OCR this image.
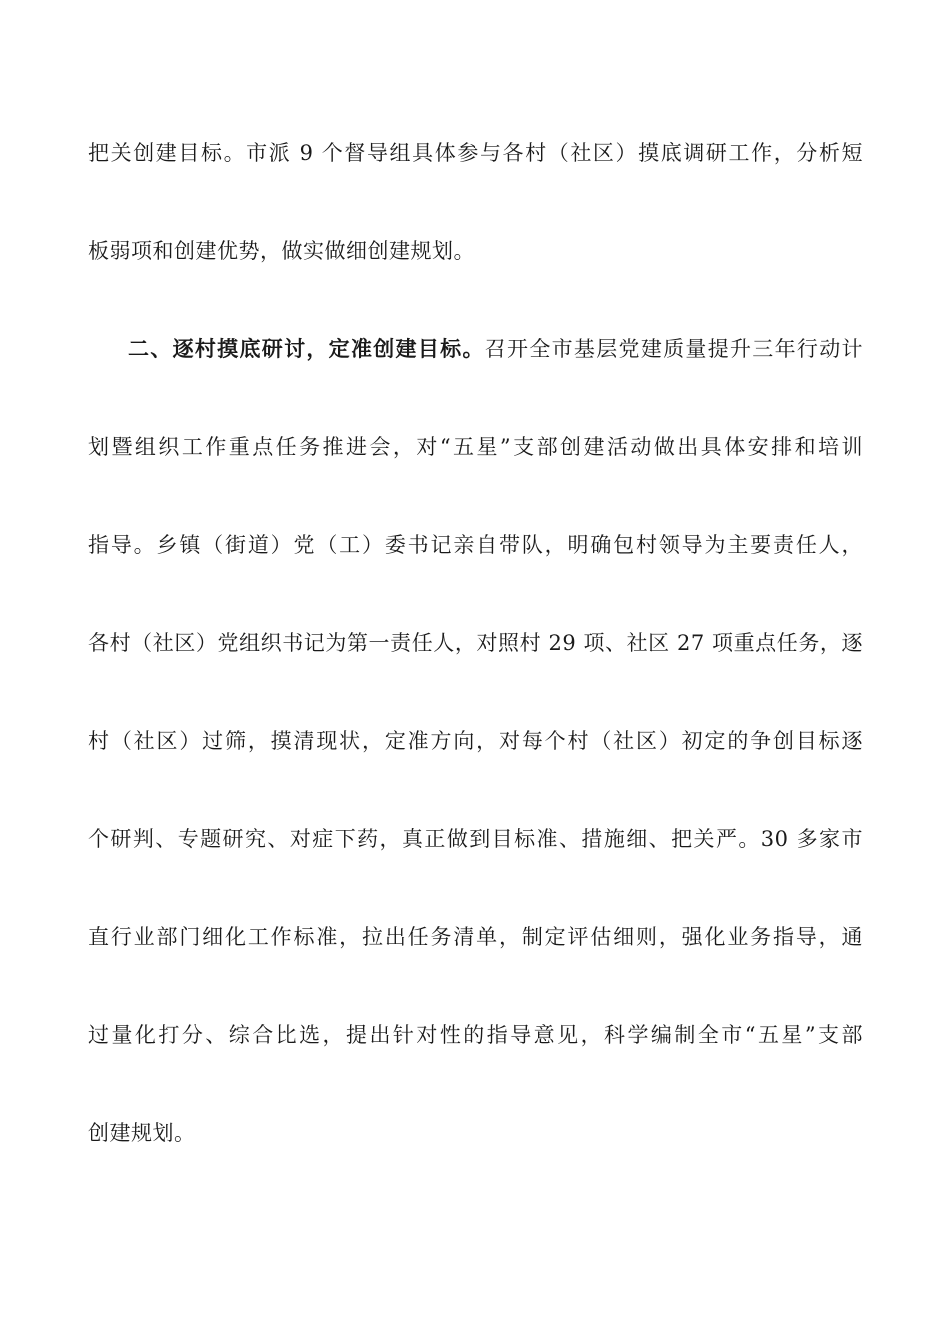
把关创建目标。市派 9 个督导组具体参与各村（社区）摸底调研工作，分析短
板弱项和创建优势，做实做细创建规划。
二、逐村摸底研讨，定准创建目标。召开全市基层党建质量提升三年行动计
划暨组织工作重点任务推进会，对“五星”支部创建活动做出具体安排和培训
指导。乡镇（街道）党（工）委书记亲自带队，明确包村领导为主要责任人，
各村（社区）党组织书记为第一责任人，对照村 29 项、社区 27 项重点任务，逐
村（社区）过筛，摸清现状，定准方向，对每个村（社区）初定的争创目标逐
个研判、专题研究、对症下药，真正做到目标准、措施细、把关严。30 多家市
直行业部门细化工作标准，拉出任务清单，制定评估细则，强化业务指导，通
过量化打分、综合比选，提出针对性的指导意见，科学编制全市“五星”支部
创建规划。
